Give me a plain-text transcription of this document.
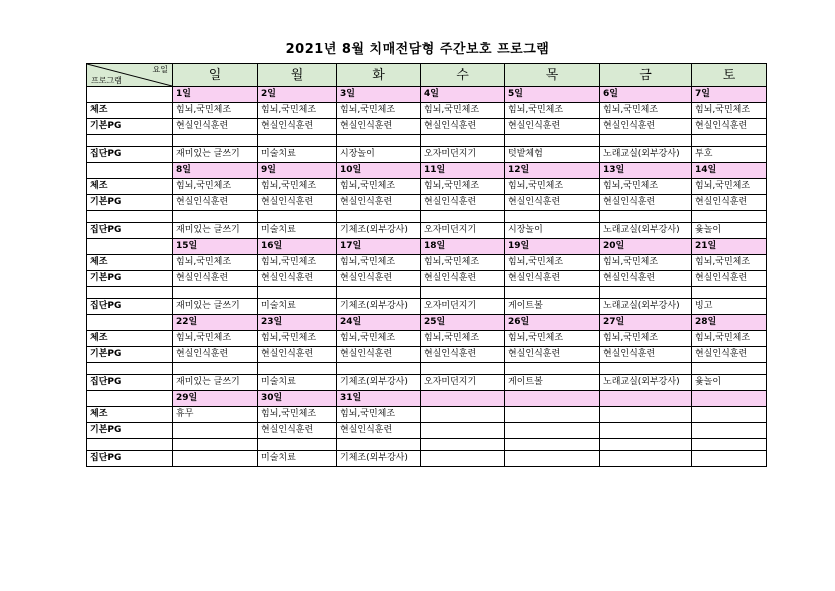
2021년 8월 치매전담형 주간보호 프로그램
요일
프로그램	일	월	화	수	목	금	토
	1일	2일	3일	4일	5일	6일	7일
체조	힘뇌,국민체조	힘뇌,국민체조	힘뇌,국민체조	힘뇌,국민체조	힘뇌,국민체조	힘뇌,국민체조	힘뇌,국민체조
기본PG	현실인식훈련	현실인식훈련	현실인식훈련	현실인식훈련	현실인식훈련	현실인식훈련	현실인식훈련

집단PG	재미있는 글쓰기	미술치료	시장놀이	오자미던지기	텃밭체험	노래교실(외부강사)	투호
	8일	9일	10일	11일	12일	13일	14일
체조	힘뇌,국민체조	힘뇌,국민체조	힘뇌,국민체조	힘뇌,국민체조	힘뇌,국민체조	힘뇌,국민체조	힘뇌,국민체조
기본PG	현실인식훈련	현실인식훈련	현실인식훈련	현실인식훈련	현실인식훈련	현실인식훈련	현실인식훈련

집단PG	재미있는 글쓰기	미술치료	기체조(외부강사)	오자미던지기	시장놀이	노래교실(외부강사)	윷놀이
	15일	16일	17일	18일	19일	20일	21일
체조	힘뇌,국민체조	힘뇌,국민체조	힘뇌,국민체조	힘뇌,국민체조	힘뇌,국민체조	힘뇌,국민체조	힘뇌,국민체조
기본PG	현실인식훈련	현실인식훈련	현실인식훈련	현실인식훈련	현실인식훈련	현실인식훈련	현실인식훈련

집단PG	재미있는 글쓰기	미술치료	기체조(외부강사)	오자미던지기	게이트볼	노래교실(외부강사)	빙고
	22일	23일	24일	25일	26일	27일	28일
체조	힘뇌,국민체조	힘뇌,국민체조	힘뇌,국민체조	힘뇌,국민체조	힘뇌,국민체조	힘뇌,국민체조	힘뇌,국민체조
기본PG	현실인식훈련	현실인식훈련	현실인식훈련	현실인식훈련	현실인식훈련	현실인식훈련	현실인식훈련

집단PG	재미있는 글쓰기	미술치료	기체조(외부강사)	오자미던지기	게이트볼	노래교실(외부강사)	윷놀이
	29일	30일	31일				
체조	휴무	힘뇌,국민체조	힘뇌,국민체조				
기본PG		현실인식훈련	현실인식훈련				

집단PG		미술치료	기체조(외부강사)				
